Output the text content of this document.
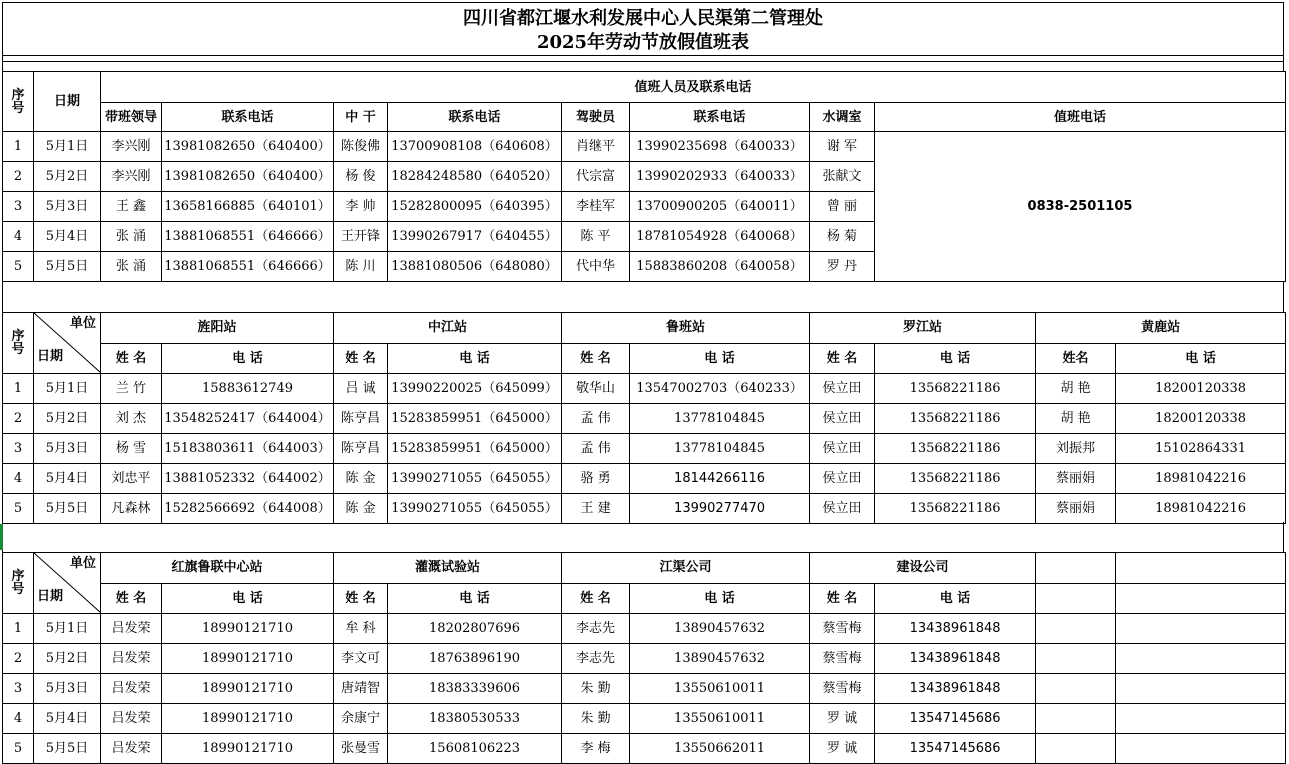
四川省都江堰水利发展中心人民渠第二管理处
2025年劳动节放假值班表
序号	日期	值班人员及联系电话							
		带班领导	联系电话	中 干	联系电话	驾驶员	联系电话	水调室	值班电话
1	5月1日	李兴刚	13981082650（640400）	陈俊佛	13700908108（640608）	肖继平	13990235698（640033）	谢 军	0838-2501105
2	5月2日	李兴刚	13981082650（640400）	杨 俊	18284248580（640520）	代宗富	13990202933（640033）	张献文	
3	5月3日	王 鑫	13658166885（640101）	李 帅	15282800095（640395）	李桂军	13700900205（640011）	曾 丽	
4	5月4日	张 涌	13881068551（646666）	王开锋	13990267917（640455）	陈 平	18781054928（640068）	杨 菊	
5	5月5日	张 涌	13881068551（646666）	陈 川	13881080506（648080）	代中华	15883860208（640058）	罗 丹	
序号	单位
日期	旌阳站		中江站		鲁班站		罗江站		黄鹿站	
		姓 名	电 话	姓 名	电 话	姓 名	电 话	姓 名	电 话	姓名	电 话
1	5月1日	兰 竹	15883612749	吕 诚	13990220025（645099）	敬华山	13547002703（640233）	侯立田	13568221186	胡 艳	18200120338
2	5月2日	刘 杰	13548252417（644004）	陈亨昌	15283859951（645000）	孟 伟	13778104845	侯立田	13568221186	胡 艳	18200120338
3	5月3日	杨 雪	15183803611（644003）	陈亨昌	15283859951（645000）	孟 伟	13778104845	侯立田	13568221186	刘振邦	15102864331
4	5月4日	刘忠平	13881052332（644002）	陈 金	13990271055（645055）	骆 勇	18144266116	侯立田	13568221186	蔡丽娟	18981042216
5	5月5日	凡森林	15282566692（644008）	陈 金	13990271055（645055）	王 建	13990277470	侯立田	13568221186	蔡丽娟	18981042216
序号	单位
日期	红旗鲁联中心站		灌溉试验站		江渠公司		建设公司			
		姓 名	电 话	姓 名	电 话	姓 名	电 话	姓 名	电 话		
1	5月1日	吕发荣	18990121710	牟 科	18202807696	李志先	13890457632	蔡雪梅	13438961848		
2	5月2日	吕发荣	18990121710	李文可	18763896190	李志先	13890457632	蔡雪梅	13438961848		
3	5月3日	吕发荣	18990121710	唐靖智	18383339606	朱 勤	13550610011	蔡雪梅	13438961848		
4	5月4日	吕发荣	18990121710	余康宁	18380530533	朱 勤	13550610011	罗 诚	13547145686		
5	5月5日	吕发荣	18990121710	张曼雪	15608106223	李 梅	13550662011	罗 诚	13547145686		
